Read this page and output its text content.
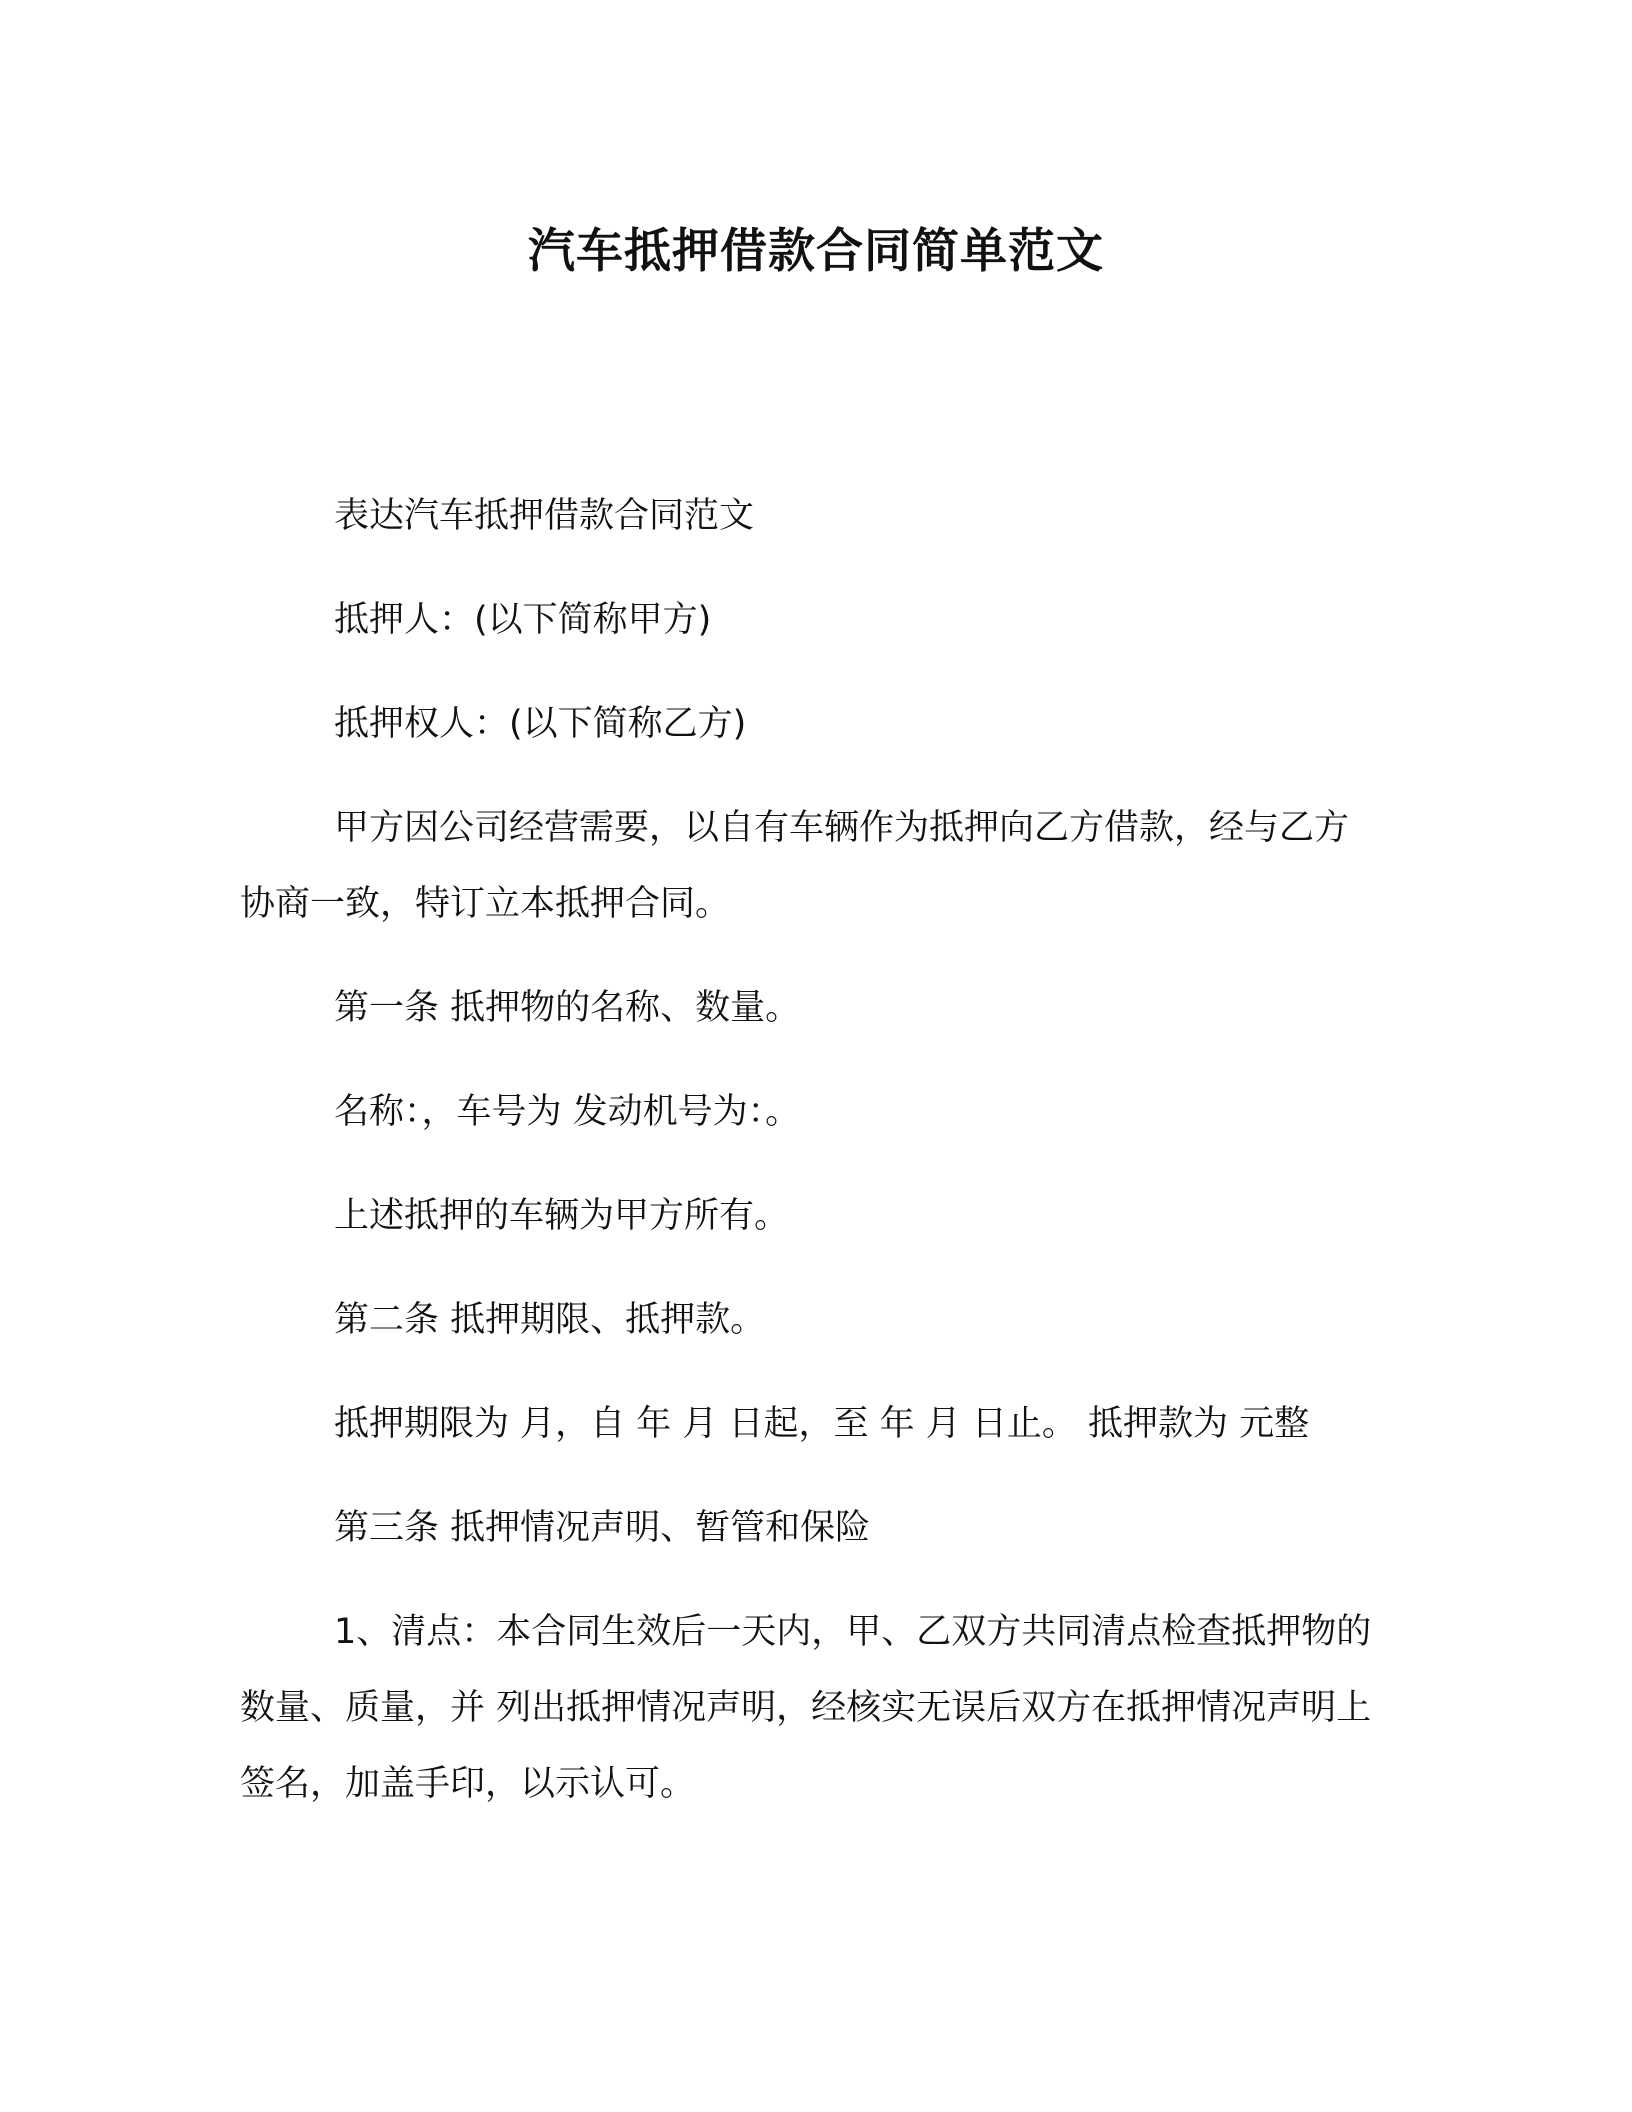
汽车抵押借款合同简单范文
表达汽车抵押借款合同范文
抵押人：(以下简称甲方)
抵押权人：(以下简称乙方)
甲方因公司经营需要，以自有车辆作为抵押向乙方借款，经与乙方协商一致，特订立本抵押合同。
第一条 抵押物的名称、数量。
名称：，车号为 发动机号为：。
上述抵押的车辆为甲方所有。
第二条 抵押期限、抵押款。
抵押期限为 月，自 年 月 日起，至 年 月 日止。 抵押款为 元整
第三条 抵押情况声明、暂管和保险
1、清点：本合同生效后一天内，甲、乙双方共同清点检查抵押物的数量、质量，并 列出抵押情况声明，经核实无误后双方在抵押情况声明上签名，加盖手印，以示认可。
